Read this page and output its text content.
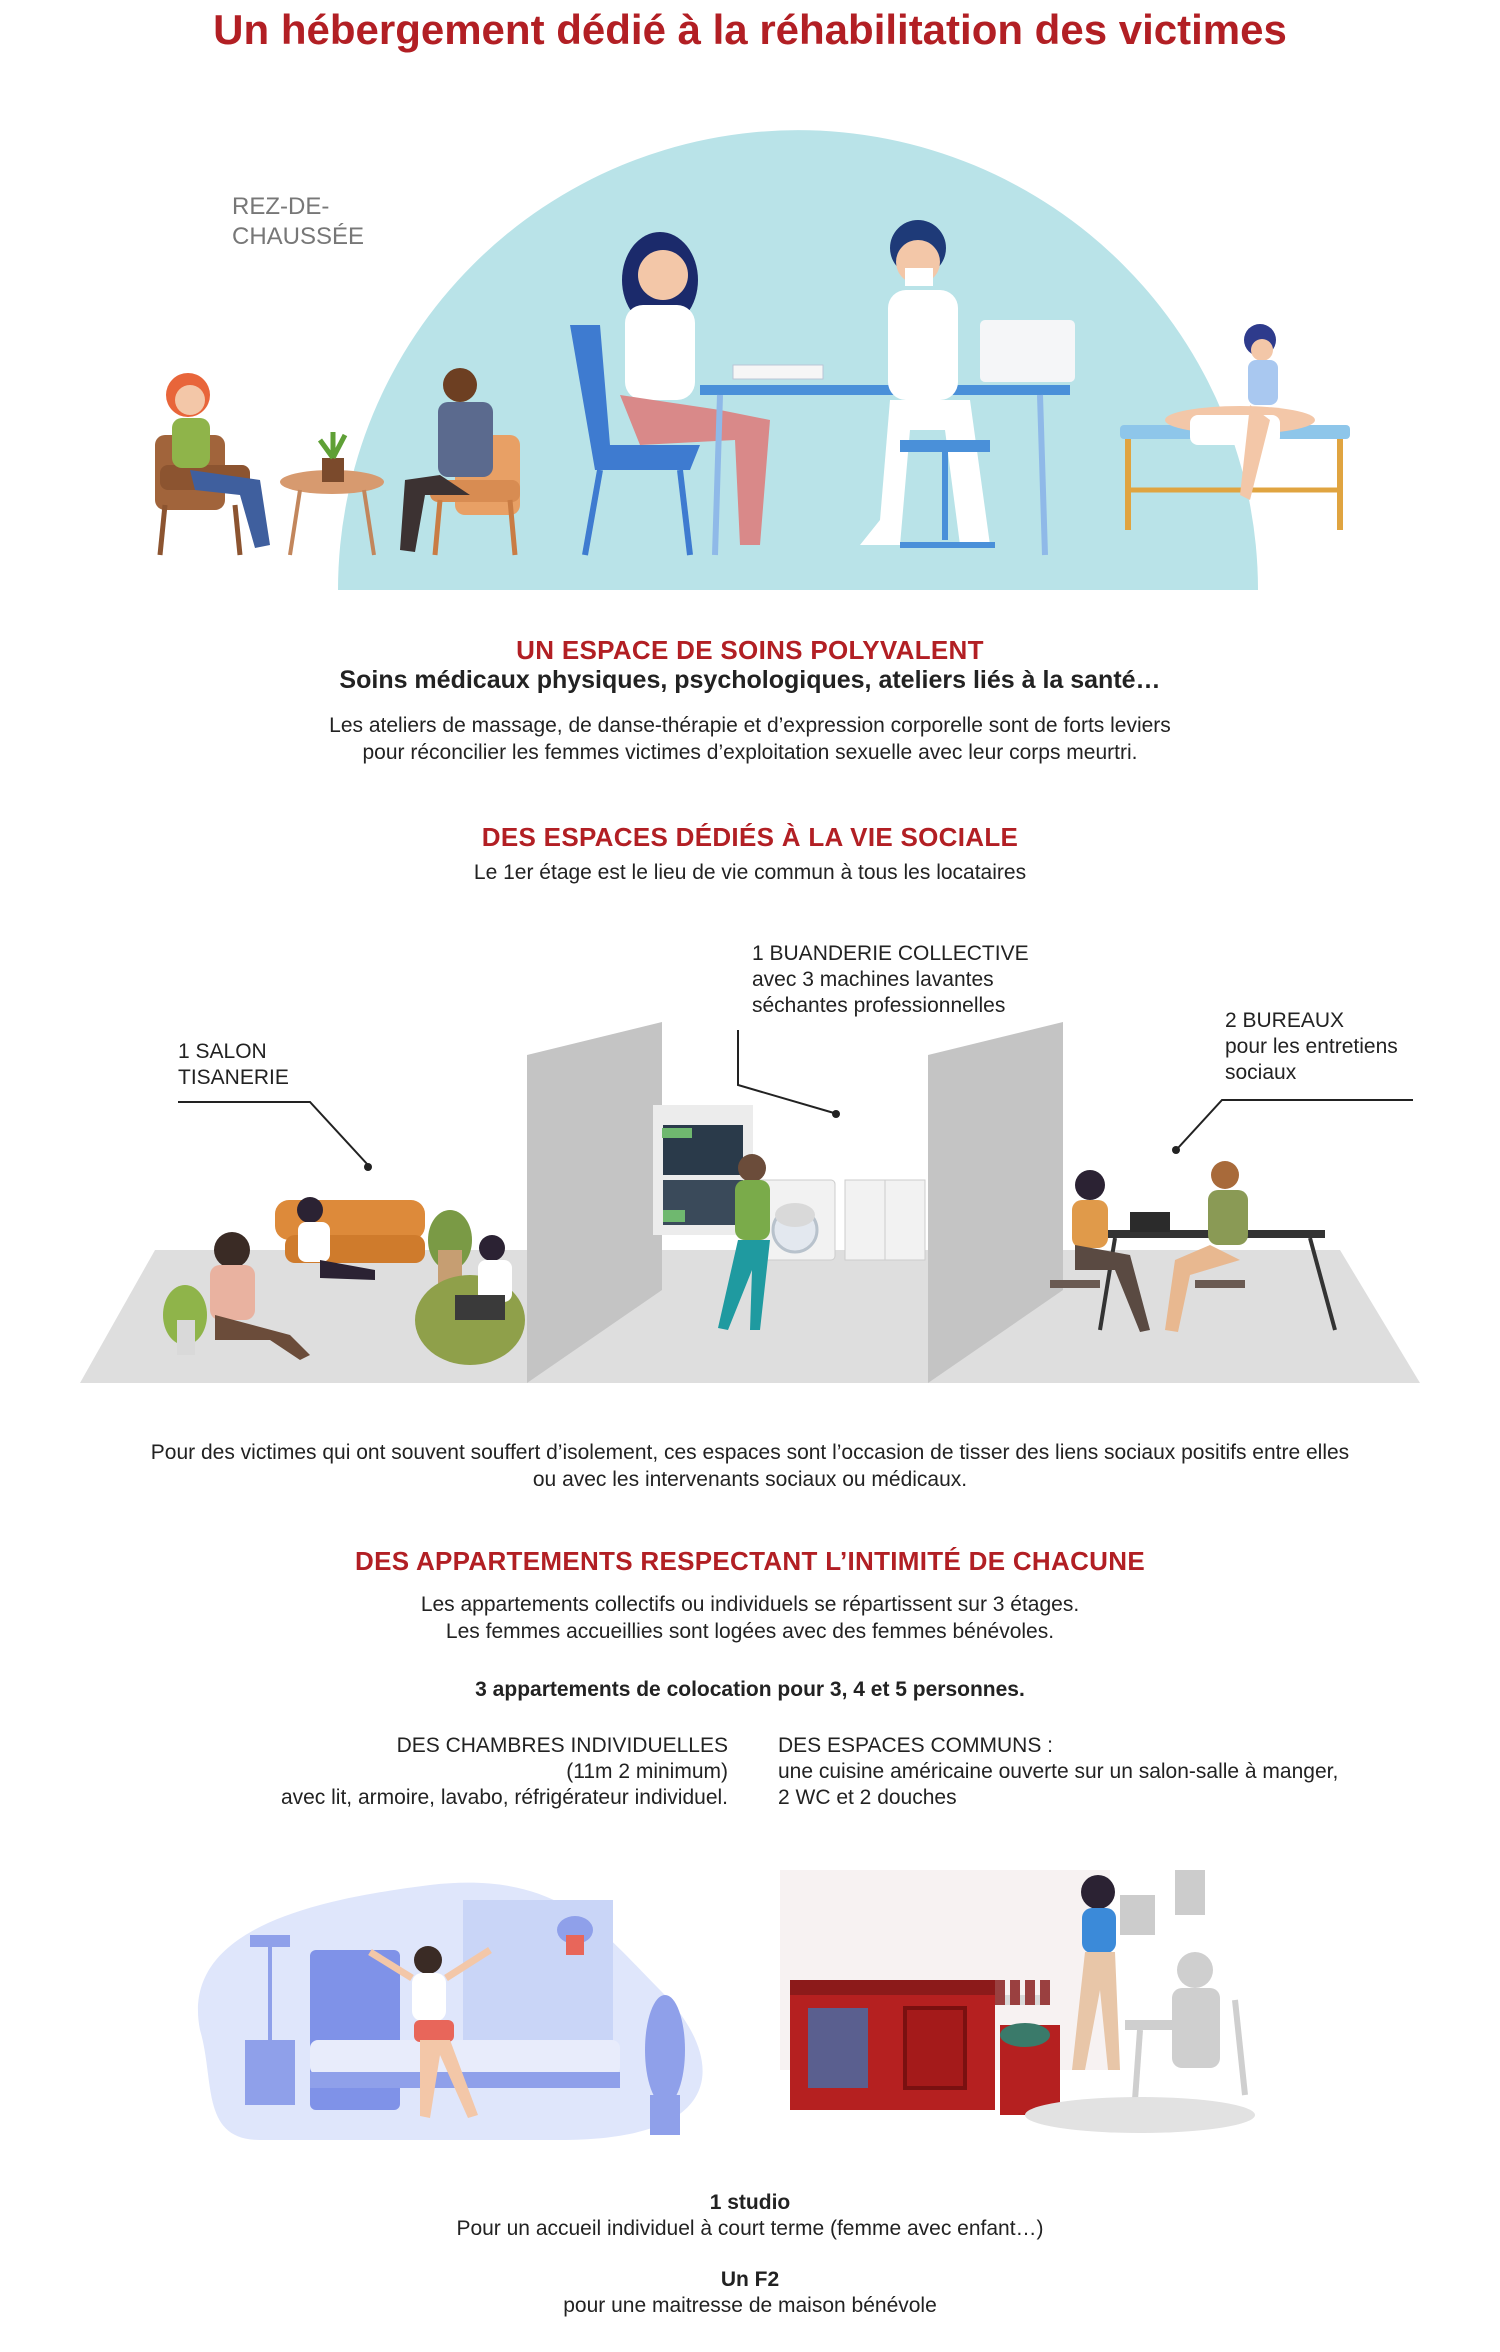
Un hébergement dédié à la réhabilitation des victimes
REZ-DE-
CHAUSSÉE
UN ESPACE DE SOINS POLYVALENT
Soins médicaux physiques, psychologiques, ateliers liés à la santé…
Les ateliers de massage, de danse-thérapie et d’expression corporelle sont de forts leviers
pour réconcilier les femmes victimes d’exploitation sexuelle avec leur corps meurtri.
DES ESPACES DÉDIÉS À LA VIE SOCIALE
Le 1er étage est le lieu de vie commun à tous les locataires
1 BUANDERIE COLLECTIVE
avec 3 machines lavantes
séchantes professionnelles
1 SALON
TISANERIE
2 BUREAUX
pour les entretiens
sociaux
Pour des victimes qui ont souvent souffert d’isolement, ces espaces sont l’occasion de tisser des liens sociaux positifs entre elles
ou avec les intervenants sociaux ou médicaux.
DES APPARTEMENTS RESPECTANT L’INTIMITÉ DE CHACUNE
Les appartements collectifs ou individuels se répartissent sur 3 étages.
Les femmes accueillies sont logées avec des femmes bénévoles.
3 appartements de colocation pour 3, 4 et 5 personnes.
DES CHAMBRES INDIVIDUELLES
(11m 2 minimum)
avec lit, armoire, lavabo, réfrigérateur individuel.
DES ESPACES COMMUNS :
une cuisine américaine ouverte sur un salon-salle à manger,
2 WC et 2 douches
1 studio
Pour un accueil individuel à court terme (femme avec enfant…)
Un F2
pour une maitresse de maison bénévole
